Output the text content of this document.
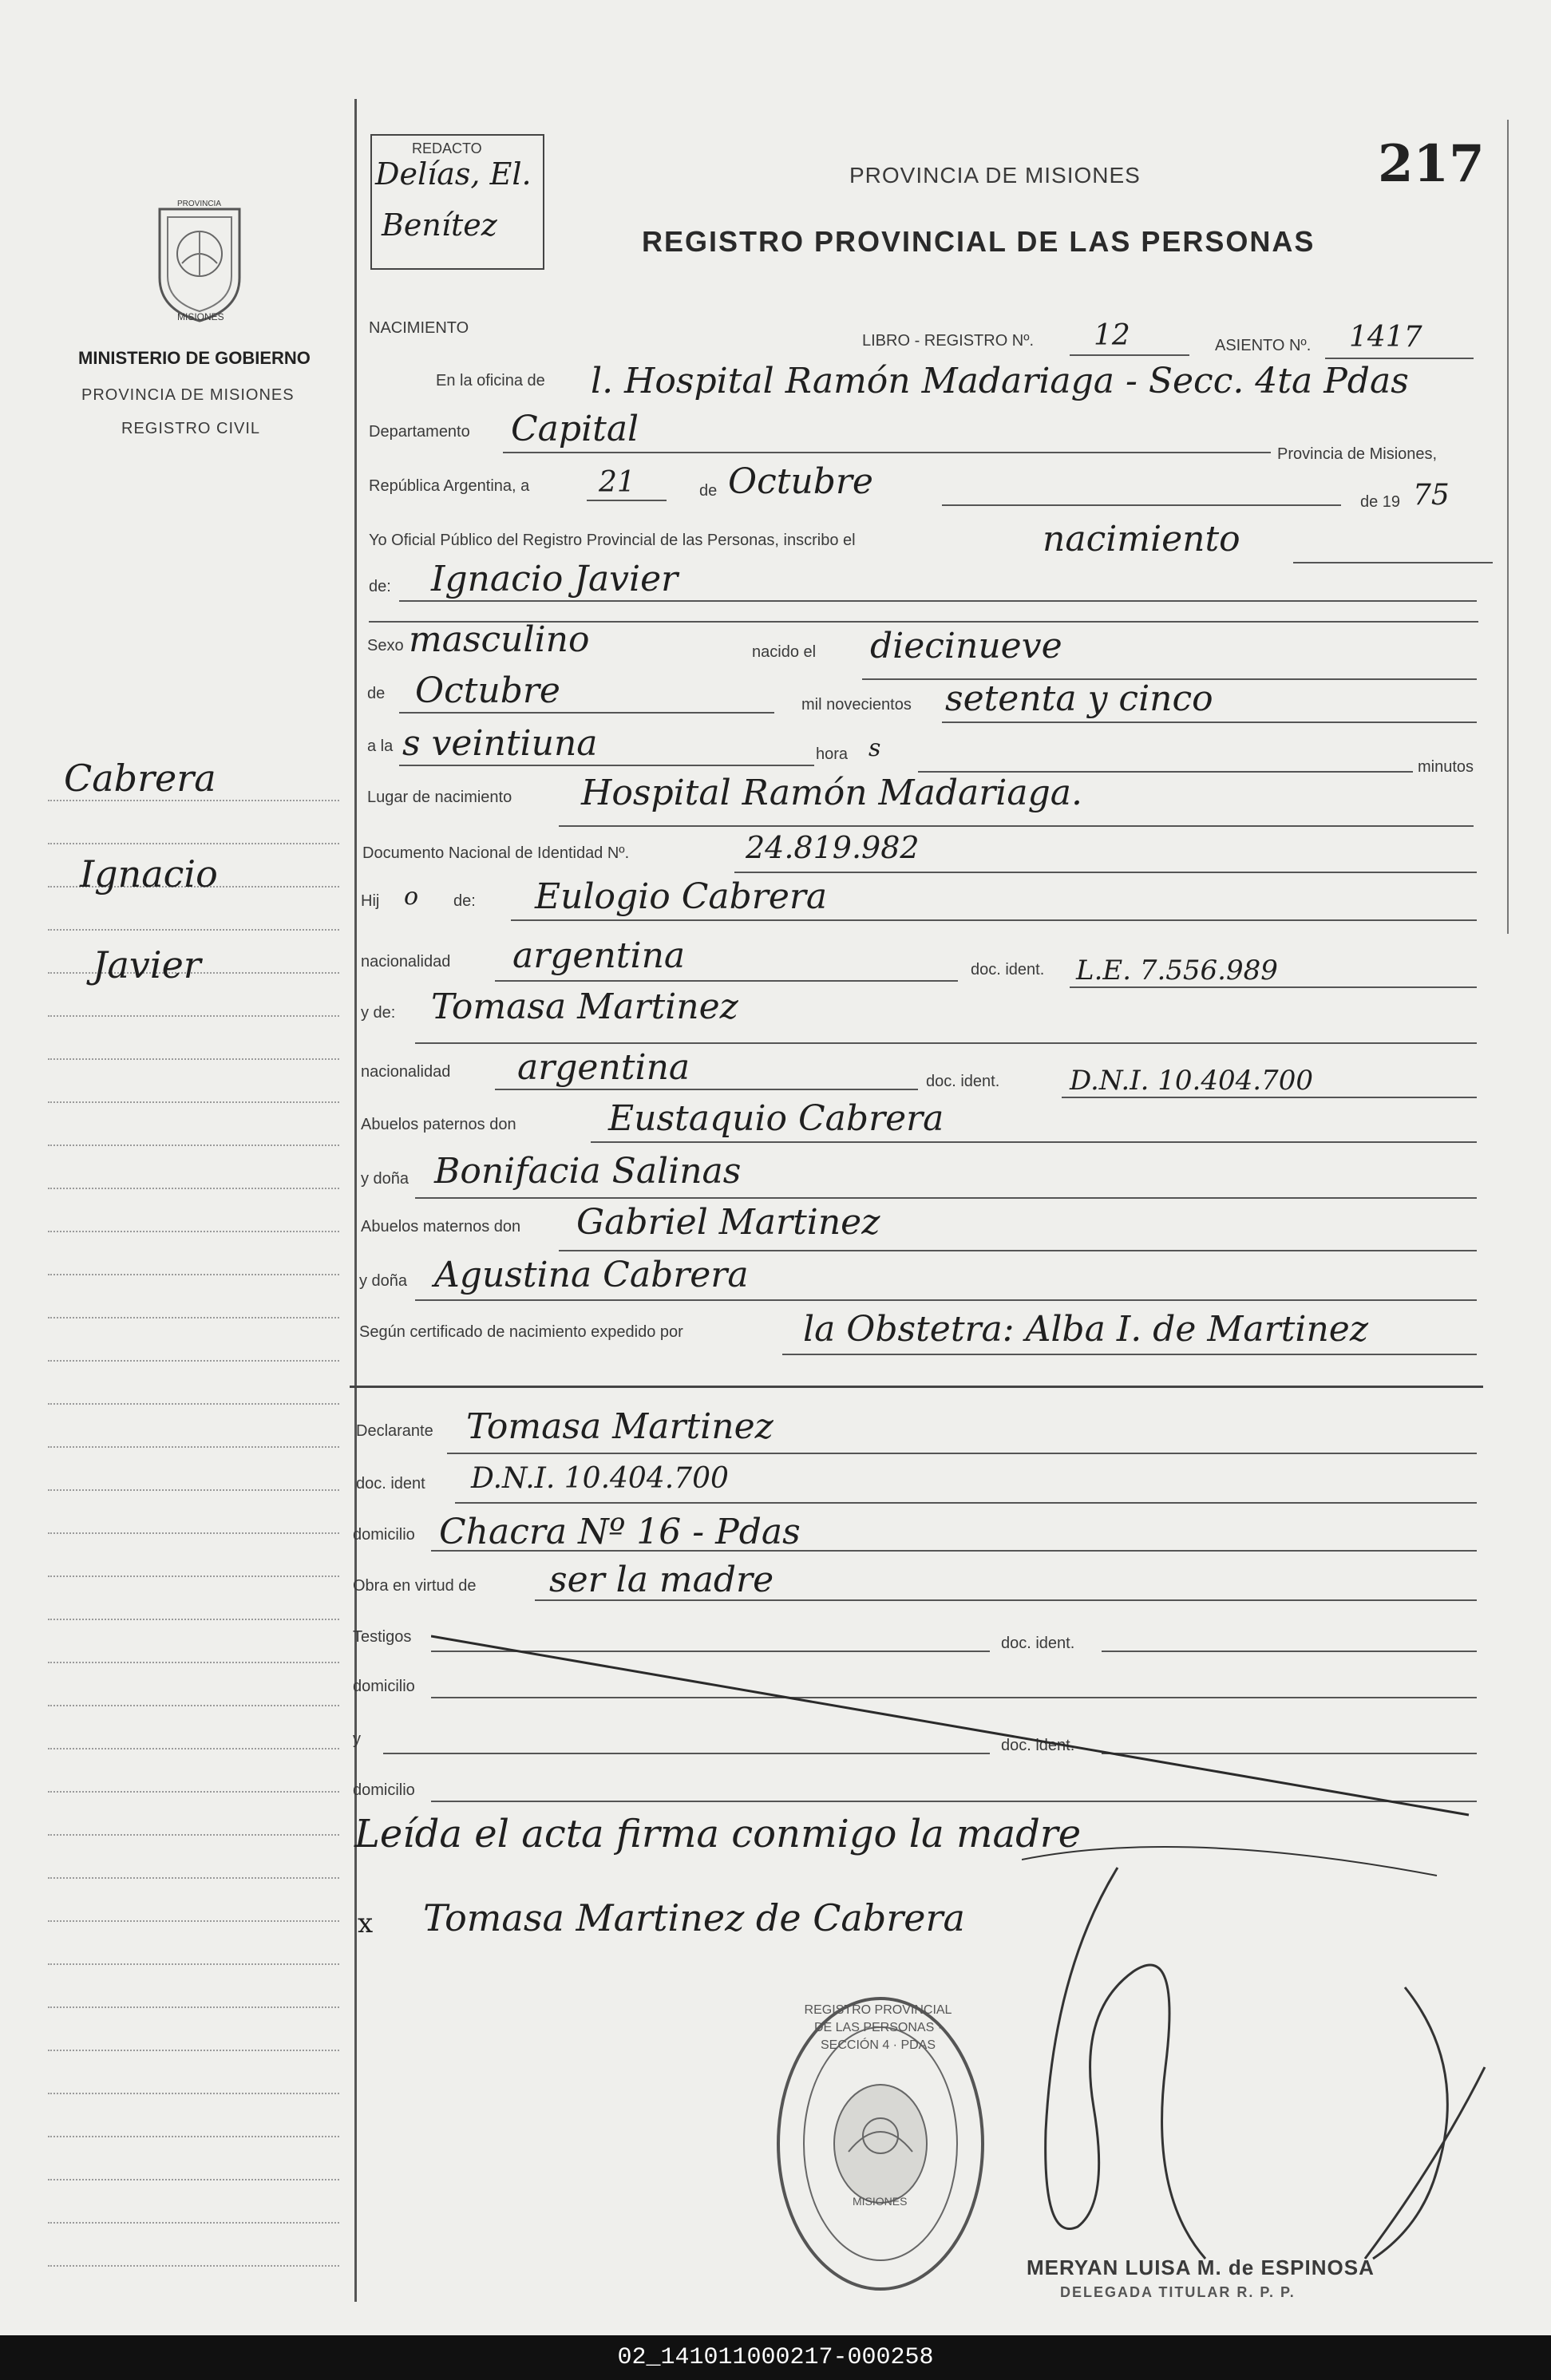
PROVINCIA
MISIONES
MINISTERIO DE GOBIERNO
PROVINCIA DE MISIONES
REGISTRO CIVIL
Cabrera
Ignacio
Javier
REDACTO
Delías, El.
Benítez
PROVINCIA DE MISIONES	217
REGISTRO PROVINCIAL DE LAS PERSONAS
NACIMIENTO
LIBRO - REGISTRO Nº. 12	ASIENTO Nº. 1417
En la oficina de l. Hospital Ramón Madariaga - Secc. 4ta Pdas
Departamento Capital
Provincia de Misiones,
República Argentina, a 21	de Octubre	de 19 75
Yo Oficial Público del Registro Provincial de las Personas, inscribo el	nacimiento
de: Ignacio Javier
Sexo masculino	nacido el diecinueve
de Octubre	mil novecientos setenta y cinco
a la s veintiuna	hora s
minutos
Lugar de nacimiento Hospital Ramón Madariaga.
Documento Nacional de Identidad Nº.	24.819.982
Hij o de: Eulogio Cabrera
nacionalidad argentina	doc. ident. L.E. 7.556.989
y de: Tomasa Martinez
nacionalidad argentina	doc. ident.	D.N.I. 10.404.700
Abuelos paternos don	Eustaquio Cabrera
y doña Bonifacia Salinas
Abuelos maternos don Gabriel Martinez
y doña Agustina Cabrera
Según certificado de nacimiento expedido por	la Obstetra: Alba I. de Martinez
Declarante Tomasa Martinez
doc. ident D.N.I. 10.404.700
domicilio Chacra Nº 16 - Pdas
Obra en virtud de ser la madre
Testigos	doc. ident.
domicilio
y	doc. ident.
domicilio
Leída el acta firma conmigo la madre
x Tomasa Martinez de Cabrera
REGISTRO PROVINCIAL DE LAS PERSONAS · SECCIÓN 4 · PDAS
MISIONES
MERYAN LUISA M. de ESPINOSA
DELEGADA TITULAR R. P. P.
02_141011000217-000258
